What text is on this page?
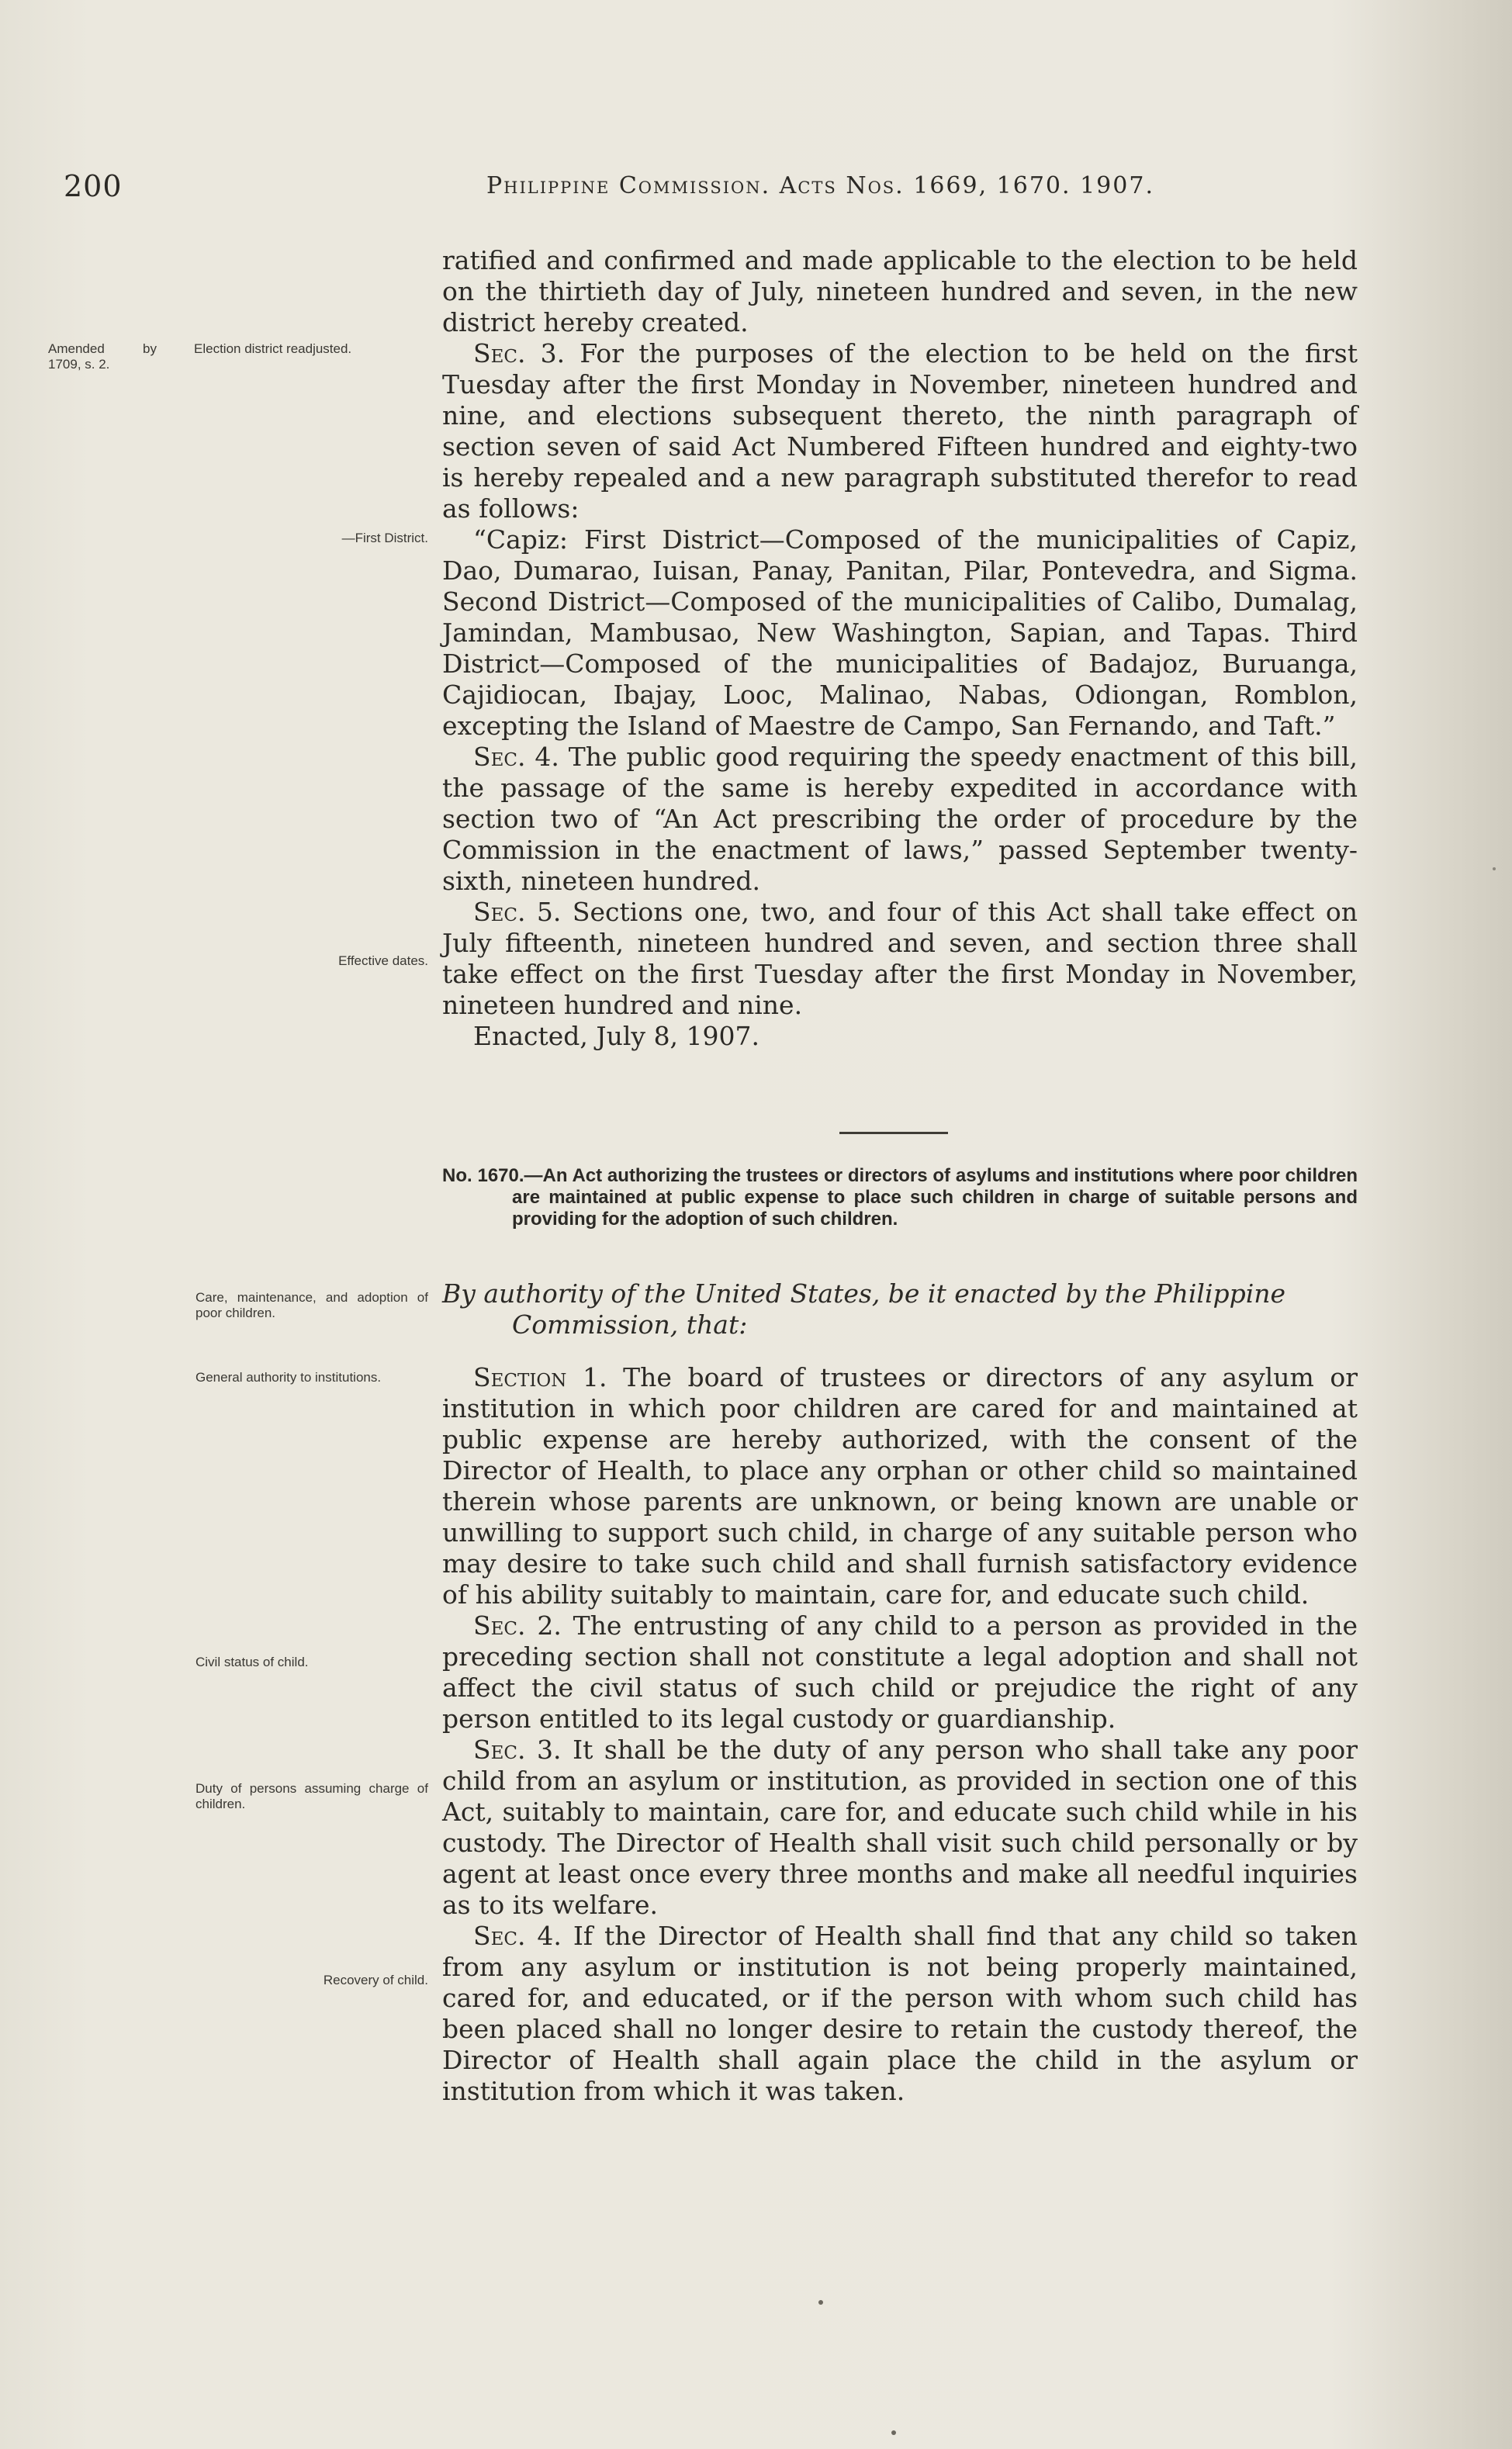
200	Philippine Commission. Acts Nos. 1669, 1670. 1907.
Amended by 1709, s. 2.
Election district readjusted.
—First District.
Effective dates.
Care, maintenance, and adoption of poor children.
General authority to institutions.
Civil status of child.
Duty of persons assuming charge of children.
Recovery of child.
ratified and confirmed and made applicable to the election to be held on the thirtieth day of July, nineteen hundred and seven, in the new district hereby created.
Sec. 3. For the purposes of the election to be held on the first Tuesday after the first Monday in November, nineteen hundred and nine, and elections subsequent thereto, the ninth paragraph of section seven of said Act Numbered Fifteen hundred and eighty-two is hereby repealed and a new paragraph substituted therefor to read as follows:
“Capiz: First District—Composed of the municipalities of Capiz, Dao, Dumarao, Iuisan, Panay, Panitan, Pilar, Pontevedra, and Sigma. Second District—Composed of the municipalities of Calibo, Dumalag, Jamindan, Mambusao, New Washington, Sapian, and Tapas. Third District—Composed of the municipalities of Badajoz, Buruanga, Cajidiocan, Ibajay, Looc, Malinao, Nabas, Odiongan, Romblon, excepting the Island of Maestre de Campo, San Fernando, and Taft.”
Sec. 4. The public good requiring the speedy enactment of this bill, the passage of the same is hereby expedited in accordance with section two of “An Act prescribing the order of procedure by the Commission in the enactment of laws,” passed September twenty-sixth, nineteen hundred.
Sec. 5. Sections one, two, and four of this Act shall take effect on July fifteenth, nineteen hundred and seven, and section three shall take effect on the first Tuesday after the first Monday in November, nineteen hundred and nine.
Enacted, July 8, 1907.
No. 1670.—An Act authorizing the trustees or directors of asylums and institutions where poor children are maintained at public expense to place such children in charge of suitable persons and providing for the adoption of such children.
By authority of the United States, be it enacted by the Philippine Commission, that:
Section 1. The board of trustees or directors of any asylum or institution in which poor children are cared for and maintained at public expense are hereby authorized, with the consent of the Director of Health, to place any orphan or other child so maintained therein whose parents are unknown, or being known are unable or unwilling to support such child, in charge of any suitable person who may desire to take such child and shall furnish satisfactory evidence of his ability suitably to maintain, care for, and educate such child.
Sec. 2. The entrusting of any child to a person as provided in the preceding section shall not constitute a legal adoption and shall not affect the civil status of such child or prejudice the right of any person entitled to its legal custody or guardianship.
Sec. 3. It shall be the duty of any person who shall take any poor child from an asylum or institution, as provided in section one of this Act, suitably to maintain, care for, and educate such child while in his custody. The Director of Health shall visit such child personally or by agent at least once every three months and make all needful inquiries as to its welfare.
Sec. 4. If the Director of Health shall find that any child so taken from any asylum or institution is not being properly maintained, cared for, and educated, or if the person with whom such child has been placed shall no longer desire to retain the custody thereof, the Director of Health shall again place the child in the asylum or institution from which it was taken.
